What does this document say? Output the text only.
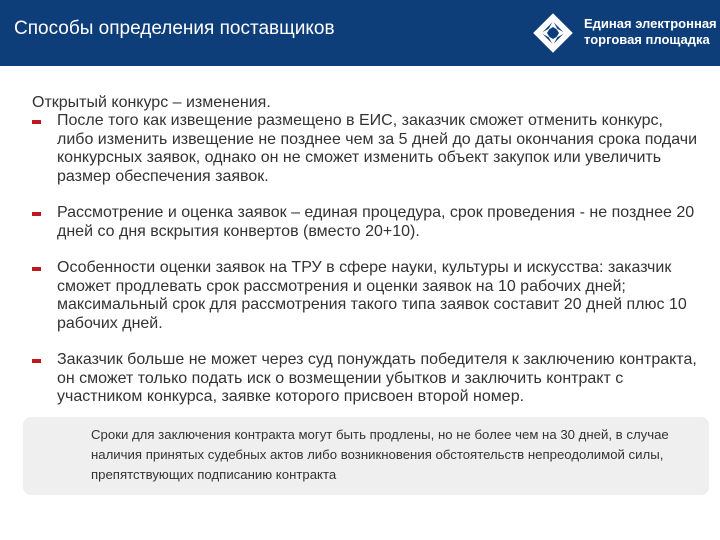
Способы определения поставщиков	Единая электронная
торговая площадка
Открытый конкурс – изменения.
После того как извещение размещено в ЕИС, заказчик сможет отменить конкурс, либо изменить извещение не позднее чем за 5 дней до даты окончания срока подачи конкурсных заявок, однако он не сможет изменить объект закупок или увеличить размер обеспечения заявок.
Рассмотрение и оценка заявок – единая процедура, срок проведения - не позднее 20 дней со дня вскрытия конвертов (вместо 20+10).
Особенности оценки заявок на ТРУ в сфере науки, культуры и искусства: заказчик сможет продлевать срок рассмотрения и оценки заявок на 10 рабочих дней; максимальный срок для рассмотрения такого типа заявок составит 20 дней плюс 10 рабочих дней.
Заказчик больше не может через суд понуждать победителя к заключению контракта, он сможет только подать иск о возмещении убытков и заключить контракт с участником конкурса, заявке которого присвоен второй номер.
Сроки для заключения контракта могут быть продлены, но не более чем на 30 дней, в случае наличия принятых судебных актов либо возникновения обстоятельств непреодолимой силы, препятствующих подписанию контракта
